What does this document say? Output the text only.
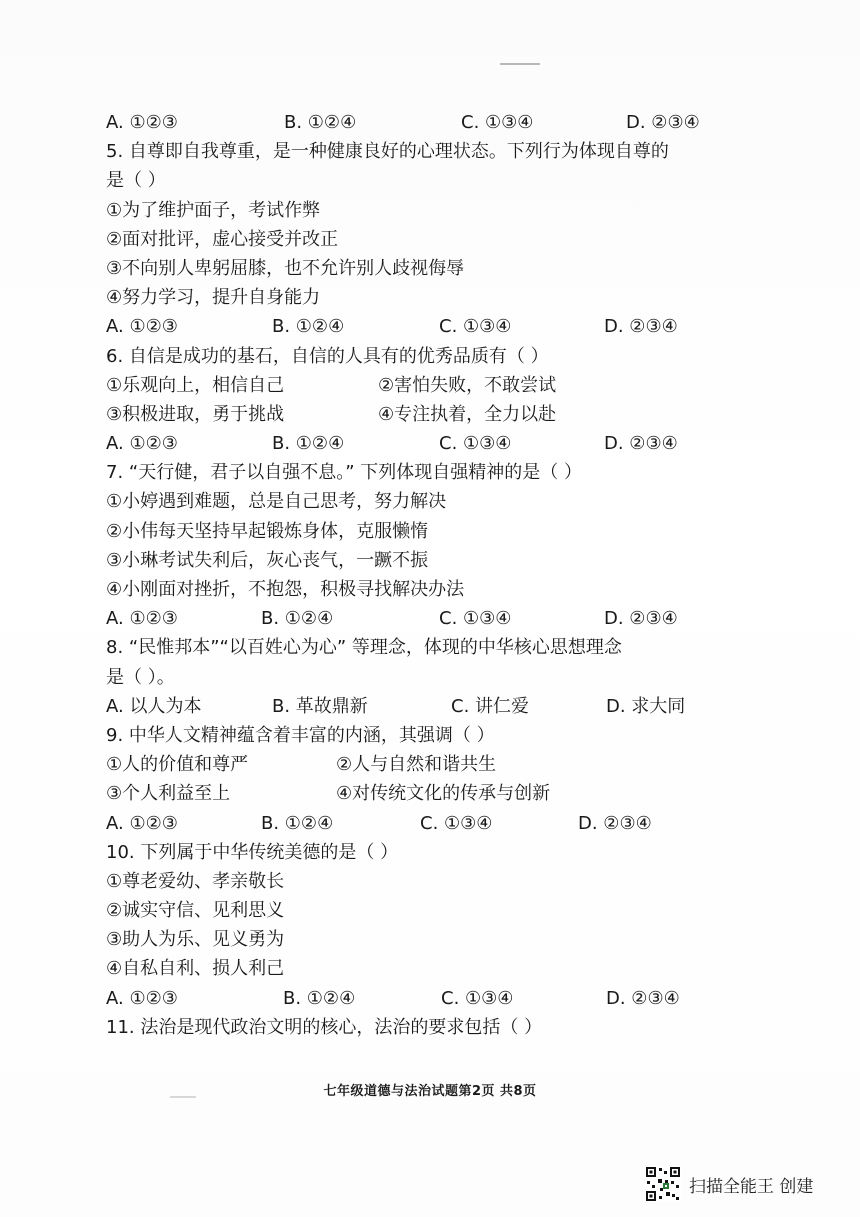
A. ①②③	B. ①②④	C. ①③④	D. ②③④
5. 自尊即自我尊重，是一种健康良好的心理状态。下列行为体现自尊的
是（ ）
①为了维护面子，考试作弊
②面对批评，虚心接受并改正
③不向别人卑躬屈膝，也不允许别人歧视侮辱
④努力学习，提升自身能力
A. ①②③	B. ①②④	C. ①③④	D. ②③④
6. 自信是成功的基石，自信的人具有的优秀品质有（ ）
①乐观向上，相信自己	②害怕失败，不敢尝试
③积极进取，勇于挑战	④专注执着，全力以赴
A. ①②③	B. ①②④	C. ①③④	D. ②③④
7. “天行健，君子以自强不息。” 下列体现自强精神的是（ ）
①小婷遇到难题，总是自己思考，努力解决
②小伟每天坚持早起锻炼身体，克服懒惰
③小琳考试失利后，灰心丧气，一蹶不振
④小刚面对挫折，不抱怨，积极寻找解决办法
A. ①②③	B. ①②④	C. ①③④	D. ②③④
8. “民惟邦本”“以百姓心为心” 等理念，体现的中华核心思想理念
是（ ）。
A. 以人为本	B. 革故鼎新	C. 讲仁爱	D. 求大同
9. 中华人文精神蕴含着丰富的内涵，其强调（ ）
①人的价值和尊严	②人与自然和谐共生
③个人利益至上	④对传统文化的传承与创新
A. ①②③	B. ①②④	C. ①③④	D. ②③④
10. 下列属于中华传统美德的是（ ）
①尊老爱幼、孝亲敬长
②诚实守信、见利思义
③助人为乐、见义勇为
④自私自利、损人利己
A. ①②③	B. ①②④	C. ①③④	D. ②③④
11. 法治是现代政治文明的核心，法治的要求包括（ ）
七年级道德与法治试题第2页 共8页
扫描全能王 创建
